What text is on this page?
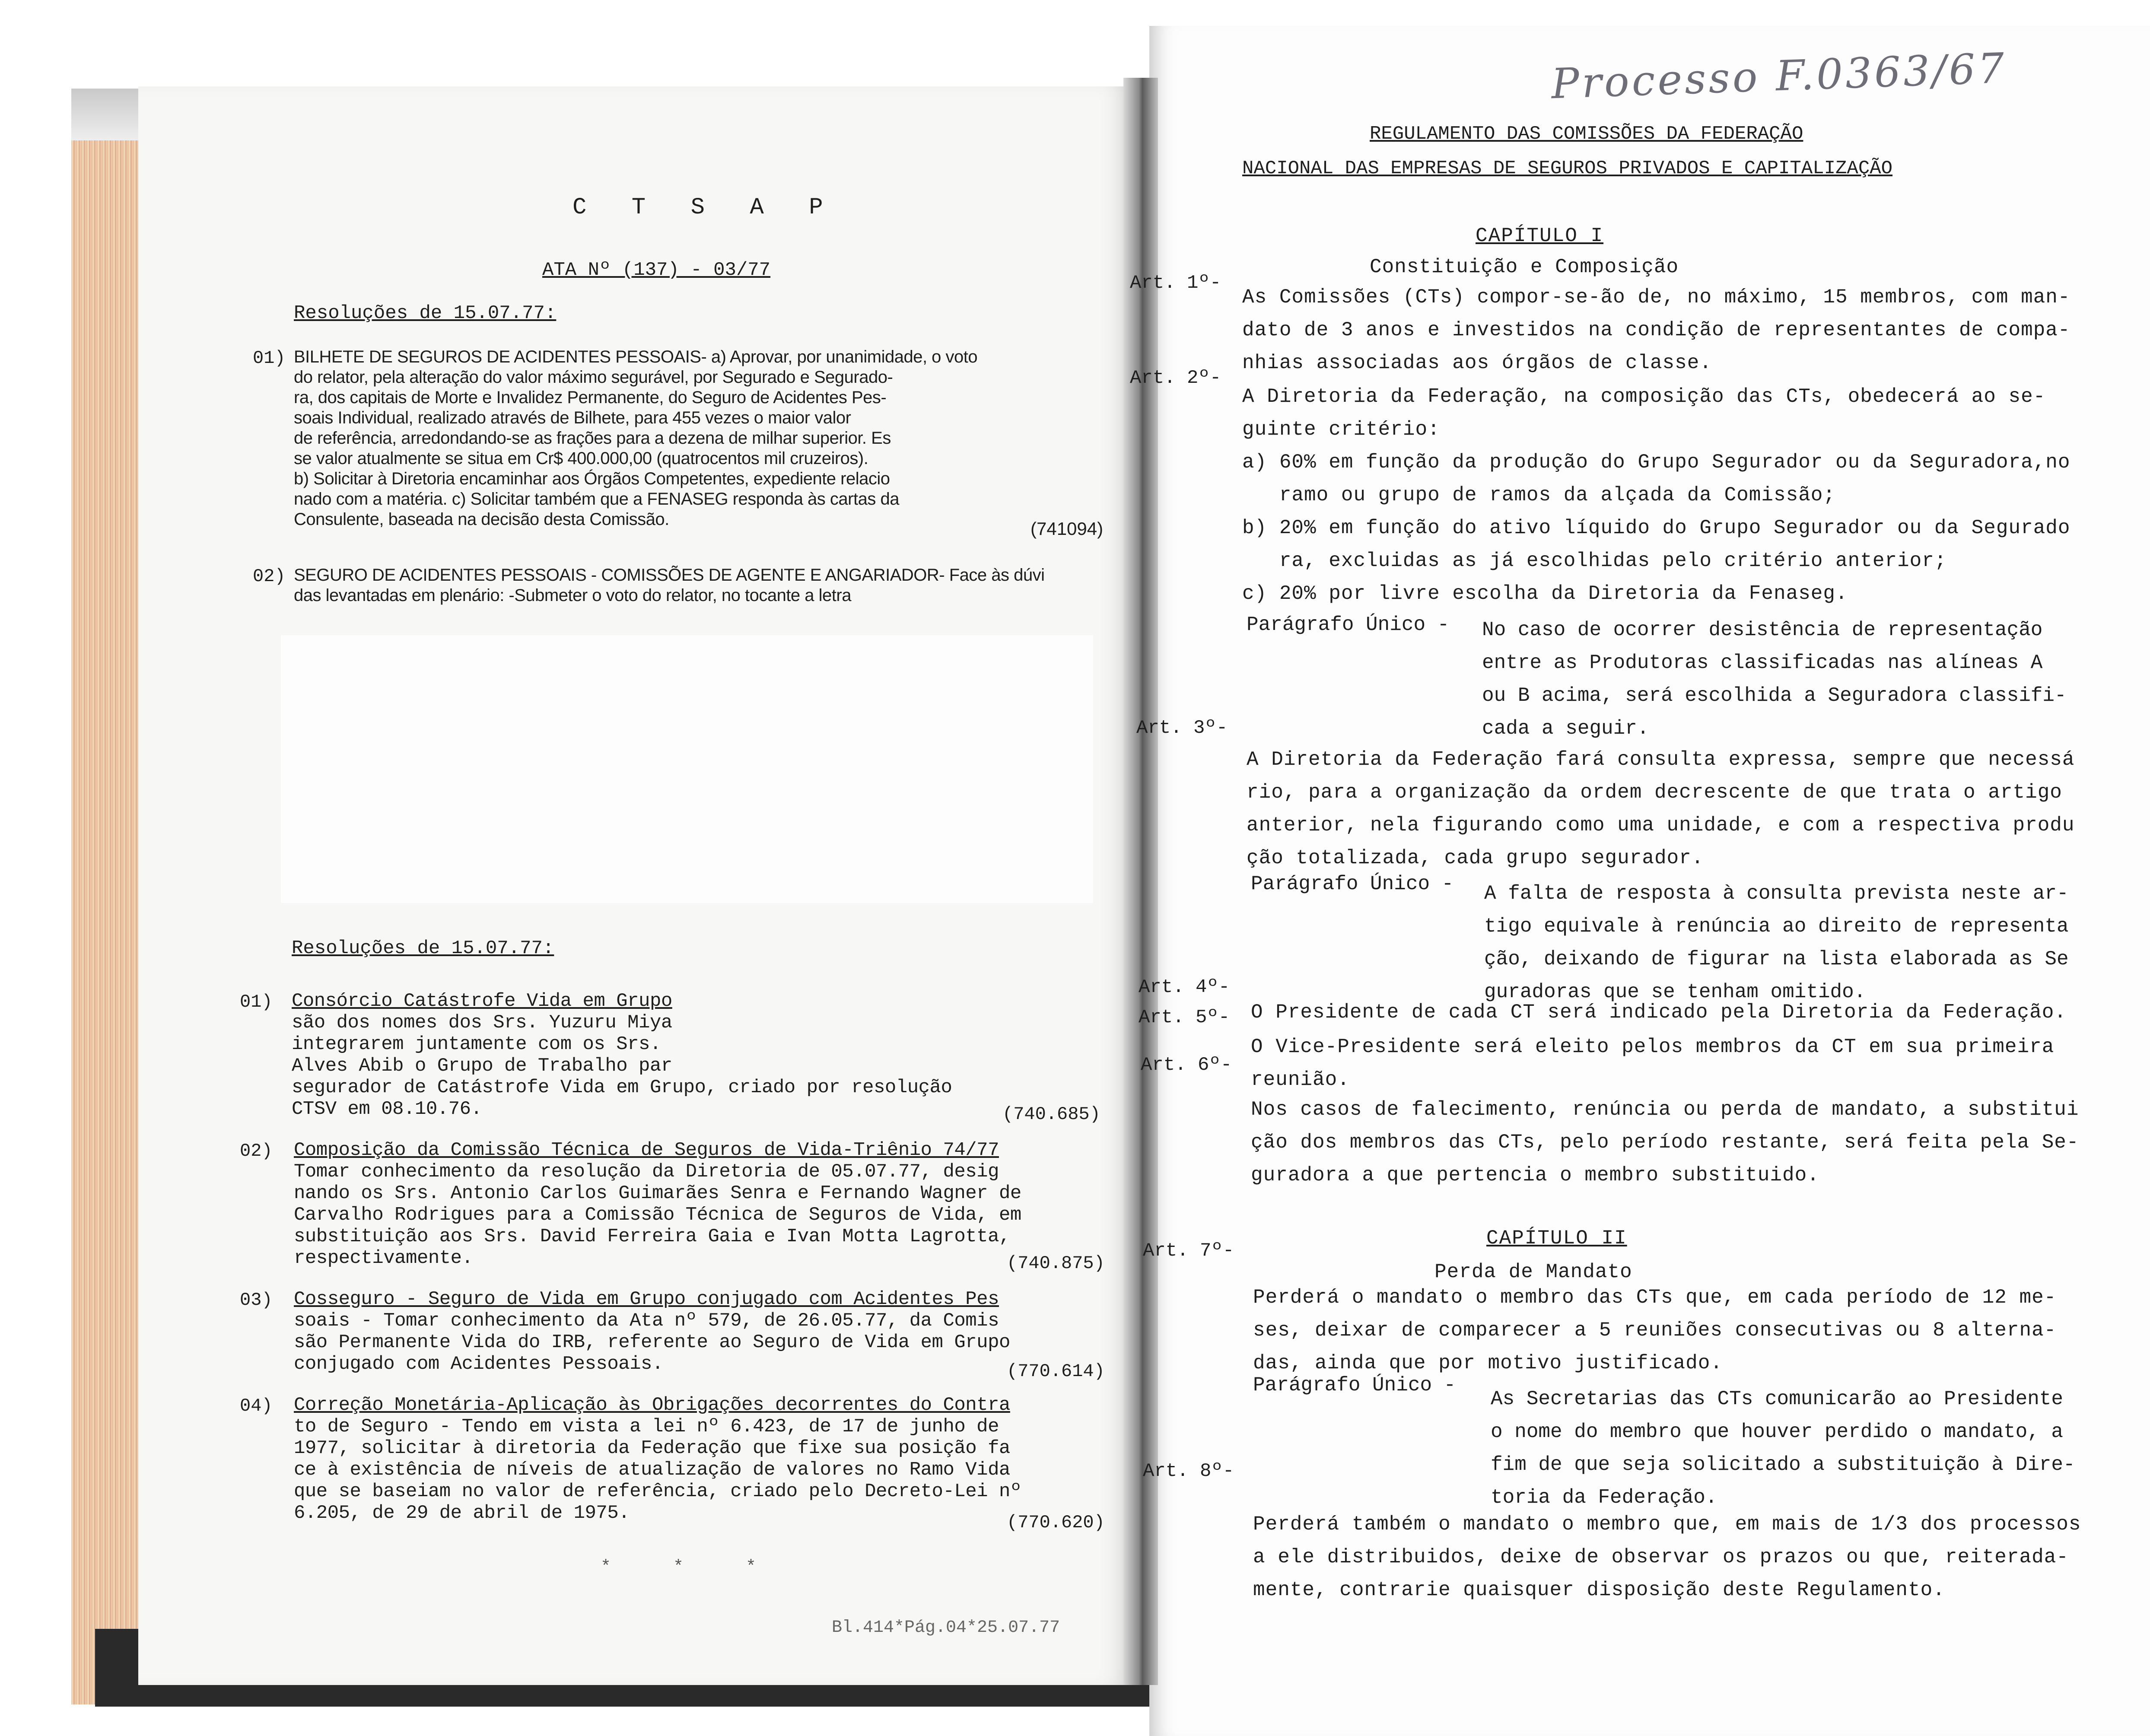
C T S A P
ATA Nº (137) - 03/77
Resoluções de 15.07.77:
01) BILHETE DE SEGUROS DE ACIDENTES PESSOAIS- a) Aprovar, por unanimidade, o voto
do relator, pela alteração do valor máximo segurável, por Segurado e Segurado-
ra, dos capitais de Morte e Invalidez Permanente, do Seguro de Acidentes Pes-
soais Individual, realizado através de Bilhete, para 455 vezes o maior valor
de referência, arredondando-se as frações para a dezena de milhar superior. Es
se valor atualmente se situa em Cr$ 400.000,00 (quatrocentos mil cruzeiros).
b) Solicitar à Diretoria encaminhar aos Órgãos Competentes, expediente relacio
nado com a matéria. c) Solicitar também que a FENASEG responda às cartas da
Consulente, baseada na decisão desta Comissão.	(741094)
02) SEGURO DE ACIDENTES PESSOAIS - COMISSÕES DE AGENTE E ANGARIADOR- Face às dúvi
das levantadas em plenário: -Submeter o voto do relator, no tocante a letra
Resoluções de 15.07.77:
01) Consórcio Catástrofe Vida em Grupo
são dos nomes dos Srs. Yuzuru Miya
integrarem juntamente com os Srs.
Alves Abib o Grupo de Trabalho par
segurador de Catástrofe Vida em Grupo, criado por resolução
CTSV em 08.10.76.	(740.685)
02) Composição da Comissão Técnica de Seguros de Vida-Triênio 74/77
Tomar conhecimento da resolução da Diretoria de 05.07.77, desig
nando os Srs. Antonio Carlos Guimarães Senra e Fernando Wagner de
Carvalho Rodrigues para a Comissão Técnica de Seguros de Vida, em
substituição aos Srs. David Ferreira Gaia e Ivan Motta Lagrotta,
respectivamente.	(740.875)
03) Cosseguro - Seguro de Vida em Grupo conjugado com Acidentes Pes
soais - Tomar conhecimento da Ata nº 579, de 26.05.77, da Comis
são Permanente Vida do IRB, referente ao Seguro de Vida em Grupo
conjugado com Acidentes Pessoais.	(770.614)
04) Correção Monetária-Aplicação às Obrigações decorrentes do Contra
to de Seguro - Tendo em vista a lei nº 6.423, de 17 de junho de
1977, solicitar à diretoria da Federação que fixe sua posição fa
ce à existência de níveis de atualização de valores no Ramo Vida
que se baseiam no valor de referência, criado pelo Decreto-Lei nº
6.205, de 29 de abril de 1975.	(770.620)
* * *
Bl.414*Pág.04*25.07.77
Processo F.0363/67
REGULAMENTO DAS COMISSÕES DA FEDERAÇÃO
NACIONAL DAS EMPRESAS DE SEGUROS PRIVADOS E CAPITALIZAÇÃO
CAPÍTULO I
Constituição e Composição
Art. 1º-
As Comissões (CTs) compor-se-ão de, no máximo, 15 membros, com man-
dato de 3 anos e investidos na condição de representantes de compa-
nhias associadas aos órgãos de classe.
Art. 2º-
A Diretoria da Federação, na composição das CTs, obedecerá ao se-
guinte critério:
a) 60% em função da produção do Grupo Segurador ou da Seguradora,no
ramo ou grupo de ramos da alçada da Comissão;
b) 20% em função do ativo líquido do Grupo Segurador ou da Segurado
ra, excluidas as já escolhidas pelo critério anterior;
c) 20% por livre escolha da Diretoria da Fenaseg.
Parágrafo Único - No caso de ocorrer desistência de representação
entre as Produtoras classificadas nas alíneas A
ou B acima, será escolhida a Seguradora classifi-
cada a seguir.
Art. 3º-
A Diretoria da Federação fará consulta expressa, sempre que necessá
rio, para a organização da ordem decrescente de que trata o artigo
anterior, nela figurando como uma unidade, e com a respectiva produ
ção totalizada, cada grupo segurador.
Parágrafo Único - A falta de resposta à consulta prevista neste ar-
tigo equivale à renúncia ao direito de representa
ção, deixando de figurar na lista elaborada as Se
guradoras que se tenham omitido.
Art. 4º-
O Presidente de cada CT será indicado pela Diretoria da Federação.
Art. 5º-
O Vice-Presidente será eleito pelos membros da CT em sua primeira
reunião.
Art. 6º-
Nos casos de falecimento, renúncia ou perda de mandato, a substitui
ção dos membros das CTs, pelo período restante, será feita pela Se-
guradora a que pertencia o membro substituido.
CAPÍTULO II
Perda de Mandato
Art. 7º-
Perderá o mandato o membro das CTs que, em cada período de 12 me-
ses, deixar de comparecer a 5 reuniões consecutivas ou 8 alterna-
das, ainda que por motivo justificado.
Parágrafo Único -
As Secretarias das CTs comunicarão ao Presidente
o nome do membro que houver perdido o mandato, a
fim de que seja solicitado a substituição à Dire-
toria da Federação.
Art. 8º-
Perderá também o mandato o membro que, em mais de 1/3 dos processos
a ele distribuidos, deixe de observar os prazos ou que, reiterada-
mente, contrarie quaisquer disposição deste Regulamento.
